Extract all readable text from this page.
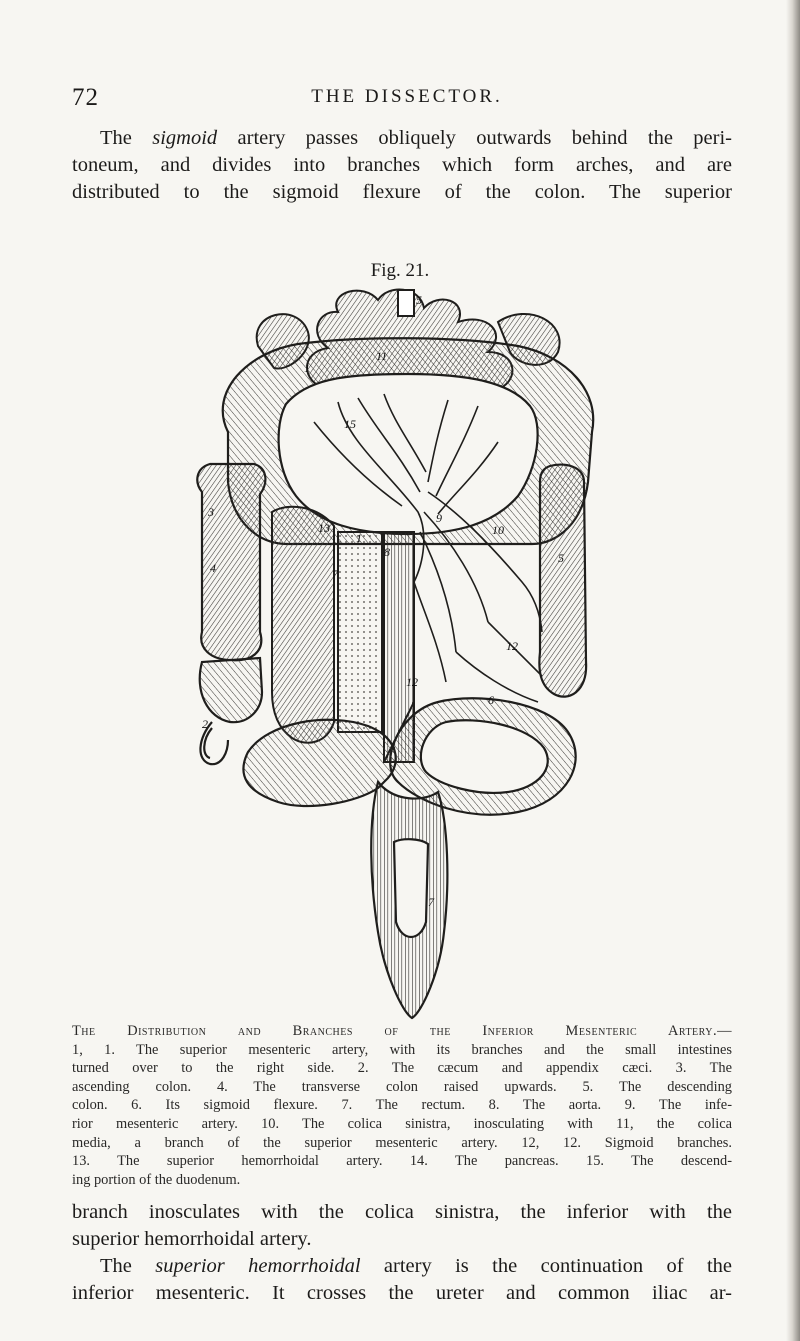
72	THE DISSECTOR.

The sigmoid artery passes obliquely outwards behind the peri-
toneum, and divides into branches which form arches, and are
distributed to the sigmoid flexure of the colon. The superior

Fig. 21.
5
1
11
15
3
4
2
13
1
7
8
9
10
5
12
12
6
7
The Distribution and Branches of the Inferior Mesenteric Artery.—
1, 1. The superior mesenteric artery, with its branches and the small intestines
turned over to the right side. 2. The cæcum and appendix cæci. 3. The
ascending colon. 4. The transverse colon raised upwards. 5. The descending
colon. 6. Its sigmoid flexure. 7. The rectum. 8. The aorta. 9. The infe-
rior mesenteric artery. 10. The colica sinistra, inosculating with 11, the colica
media, a branch of the superior mesenteric artery. 12, 12. Sigmoid branches.
13. The superior hemorrhoidal artery. 14. The pancreas. 15. The descend-
ing portion of the duodenum.

branch inosculates with the colica sinistra, the inferior with the
superior hemorrhoidal artery.
The superior hemorrhoidal artery is the continuation of the
inferior mesenteric. It crosses the ureter and common iliac ar-
